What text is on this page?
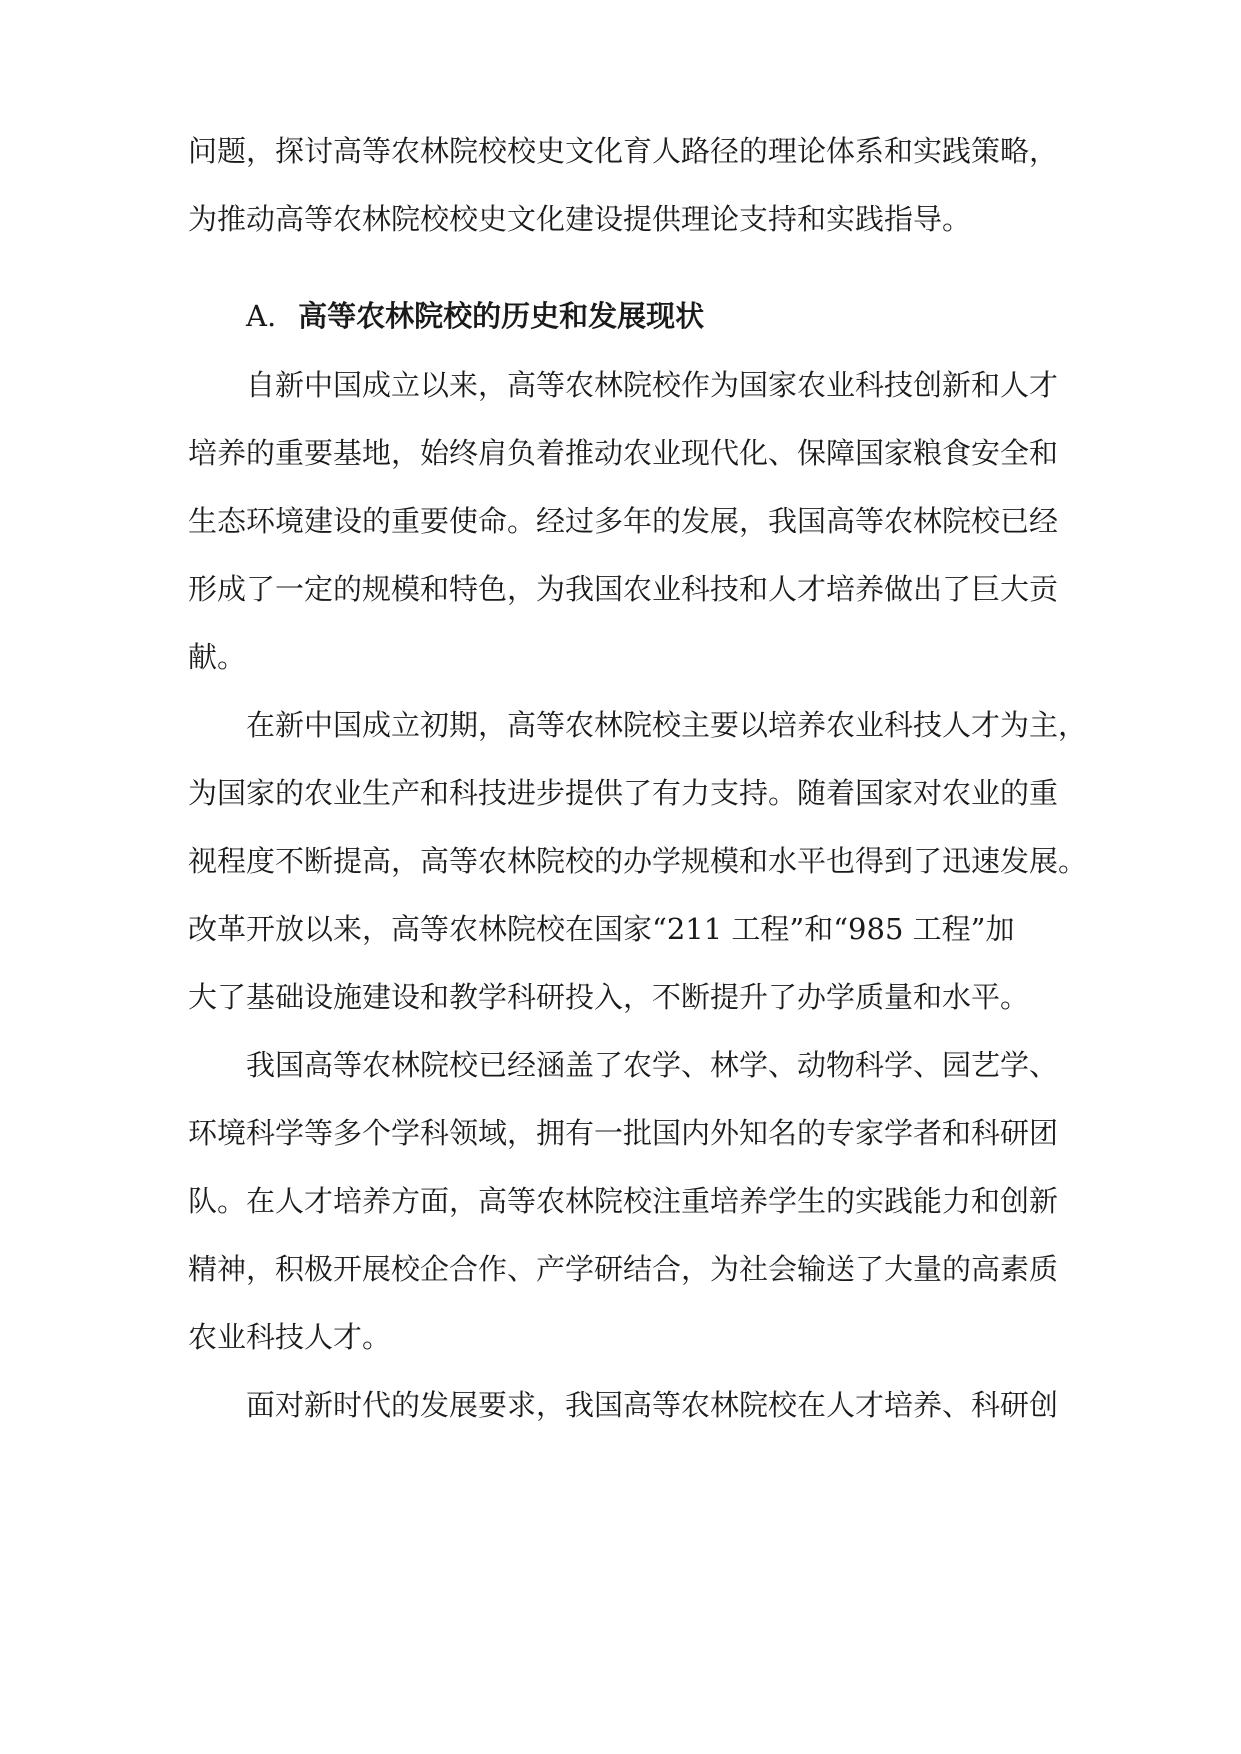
问题，探讨高等农林院校校史文化育人路径的理论体系和实践策略，
为推动高等农林院校校史文化建设提供理论支持和实践指导。
A. 高等农林院校的历史和发展现状
自新中国成立以来，高等农林院校作为国家农业科技创新和人才
培养的重要基地，始终肩负着推动农业现代化、保障国家粮食安全和
生态环境建设的重要使命。经过多年的发展，我国高等农林院校已经
形成了一定的规模和特色，为我国农业科技和人才培养做出了巨大贡
献。
在新中国成立初期，高等农林院校主要以培养农业科技人才为主，
为国家的农业生产和科技进步提供了有力支持。随着国家对农业的重
视程度不断提高，高等农林院校的办学规模和水平也得到了迅速发展。
改革开放以来，高等农林院校在国家“211 工程”和“985 工程”加
大了基础设施建设和教学科研投入，不断提升了办学质量和水平。
我国高等农林院校已经涵盖了农学、林学、动物科学、园艺学、
环境科学等多个学科领域，拥有一批国内外知名的专家学者和科研团
队。在人才培养方面，高等农林院校注重培养学生的实践能力和创新
精神，积极开展校企合作、产学研结合，为社会输送了大量的高素质
农业科技人才。
面对新时代的发展要求，我国高等农林院校在人才培养、科研创
